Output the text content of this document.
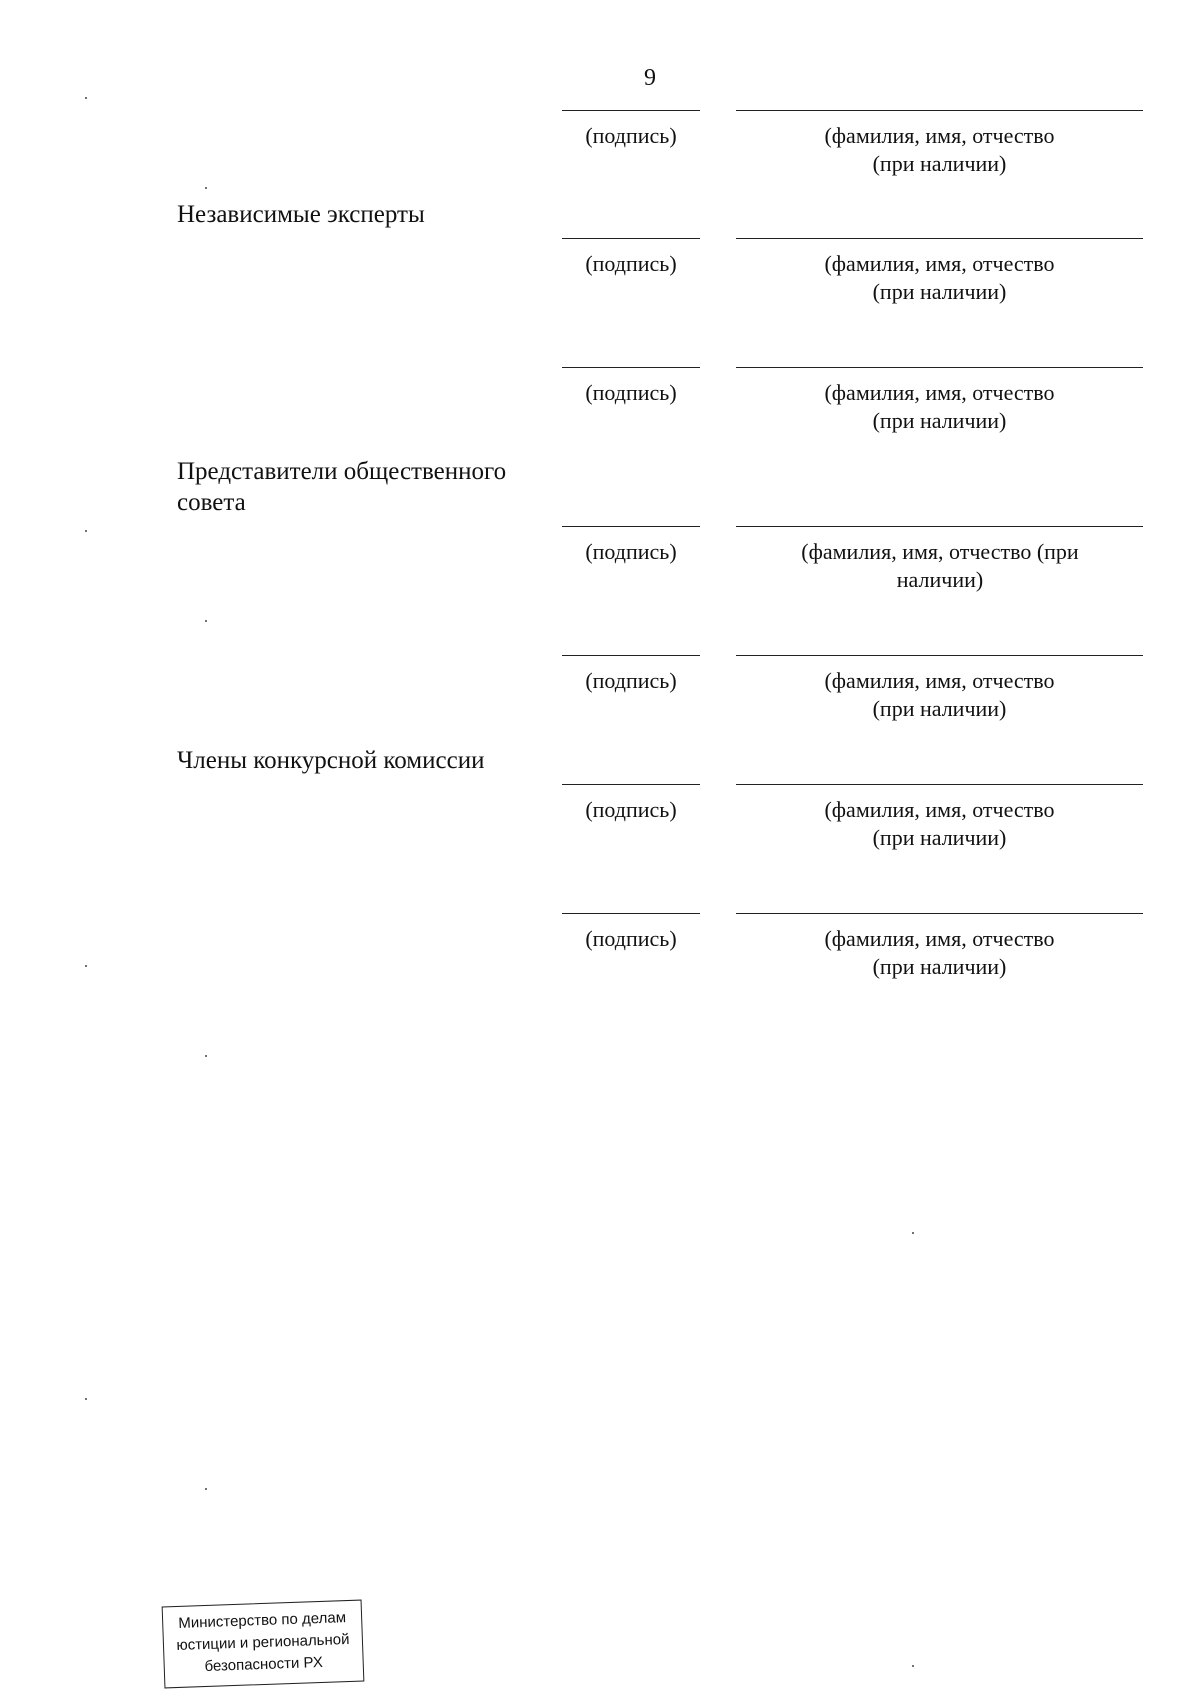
9
(подпись)	(фамилия, имя, отчество
(при наличии)
Независимые эксперты
(подпись)	(фамилия, имя, отчество
(при наличии)
(подпись)	(фамилия, имя, отчество
(при наличии)
Представители общественного совета
(подпись)	(фамилия, имя, отчество (при
наличии)
(подпись)	(фамилия, имя, отчество
(при наличии)
Члены конкурсной комиссии
(подпись)	(фамилия, имя, отчество
(при наличии)
(подпись)	(фамилия, имя, отчество
(при наличии)
Министерство по делам
юстиции и региональной
безопасности РХ
